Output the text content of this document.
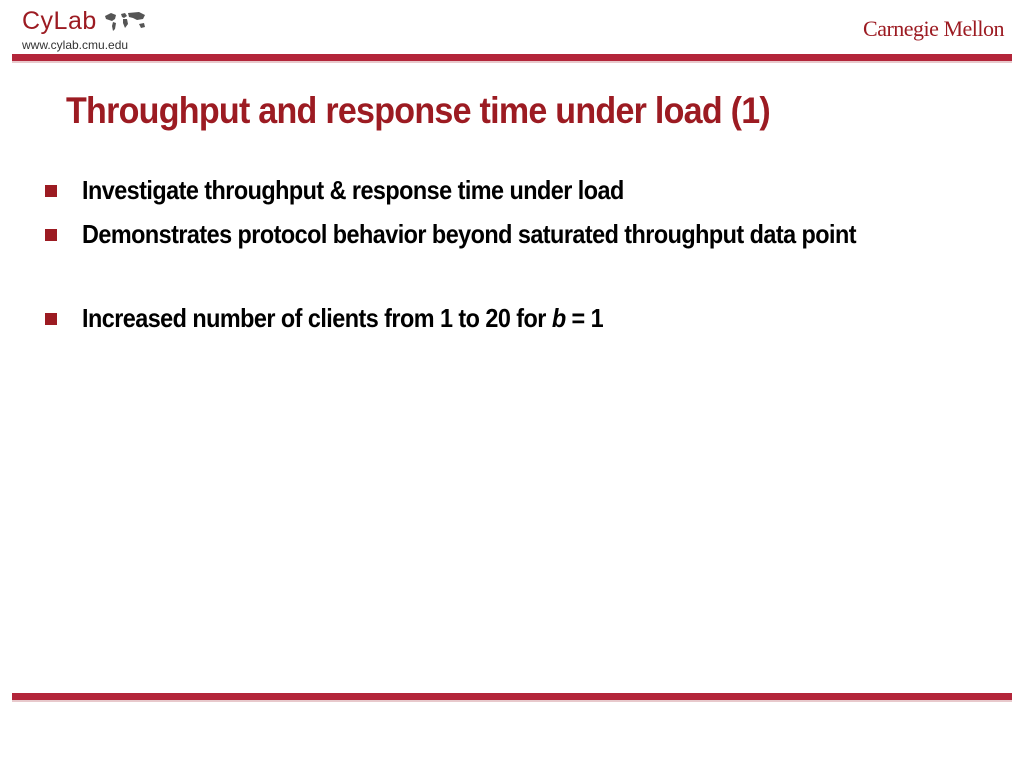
CyLab
www.cylab.cmu.edu
Carnegie Mellon
Throughput and response time under load (1)
Investigate throughput & response time under load
Demonstrates protocol behavior beyond saturated throughput data point
Increased number of clients from 1 to 20 for b = 1
